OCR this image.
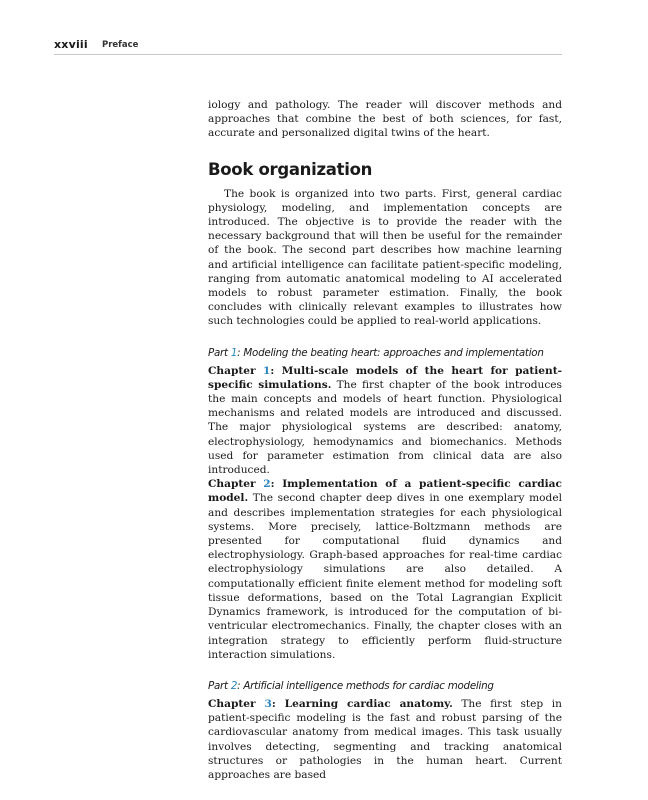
xxviii Preface

iology and pathology. The reader will discover methods and approaches that combine the best of both sciences, for fast, accurate and personalized digital twins of the heart.

Book organization

The book is organized into two parts. First, general cardiac physiology, modeling, and implementation concepts are introduced. The objective is to provide the reader with the necessary background that will then be useful for the remainder of the book. The second part describes how machine learning and artificial intelligence can facilitate patient-specific modeling, ranging from automatic anatomical modeling to AI accelerated models to robust parameter estimation. Finally, the book concludes with clinically relevant examples to illustrates how such technologies could be applied to real-world applications.

Part 1: Modeling the beating heart: approaches and implementation

Chapter 1: Multi-scale models of the heart for patient-specific simulations. The first chapter of the book introduces the main concepts and models of heart function. Physiological mechanisms and related models are introduced and discussed. The major physiological systems are described: anatomy, electrophysiology, hemodynamics and biomechanics. Methods used for parameter estimation from clinical data are also introduced.

Chapter 2: Implementation of a patient-specific cardiac model. The second chapter deep dives in one exemplary model and describes implementation strategies for each physiological systems. More precisely, lattice-Boltzmann methods are presented for computational fluid dynamics and electrophysiology. Graph-based approaches for real-time cardiac electrophysiology simulations are also detailed. A computationally efficient finite element method for modeling soft tissue deformations, based on the Total Lagrangian Explicit Dynamics framework, is introduced for the computation of bi-ventricular electromechanics. Finally, the chapter closes with an integration strategy to efficiently perform fluid-structure interaction simulations.

Part 2: Artificial intelligence methods for cardiac modeling

Chapter 3: Learning cardiac anatomy. The first step in patient-specific modeling is the fast and robust parsing of the cardiovascular anatomy from medical images. This task usually involves detecting, segmenting and tracking anatomical structures or pathologies in the human heart. Current approaches are based
